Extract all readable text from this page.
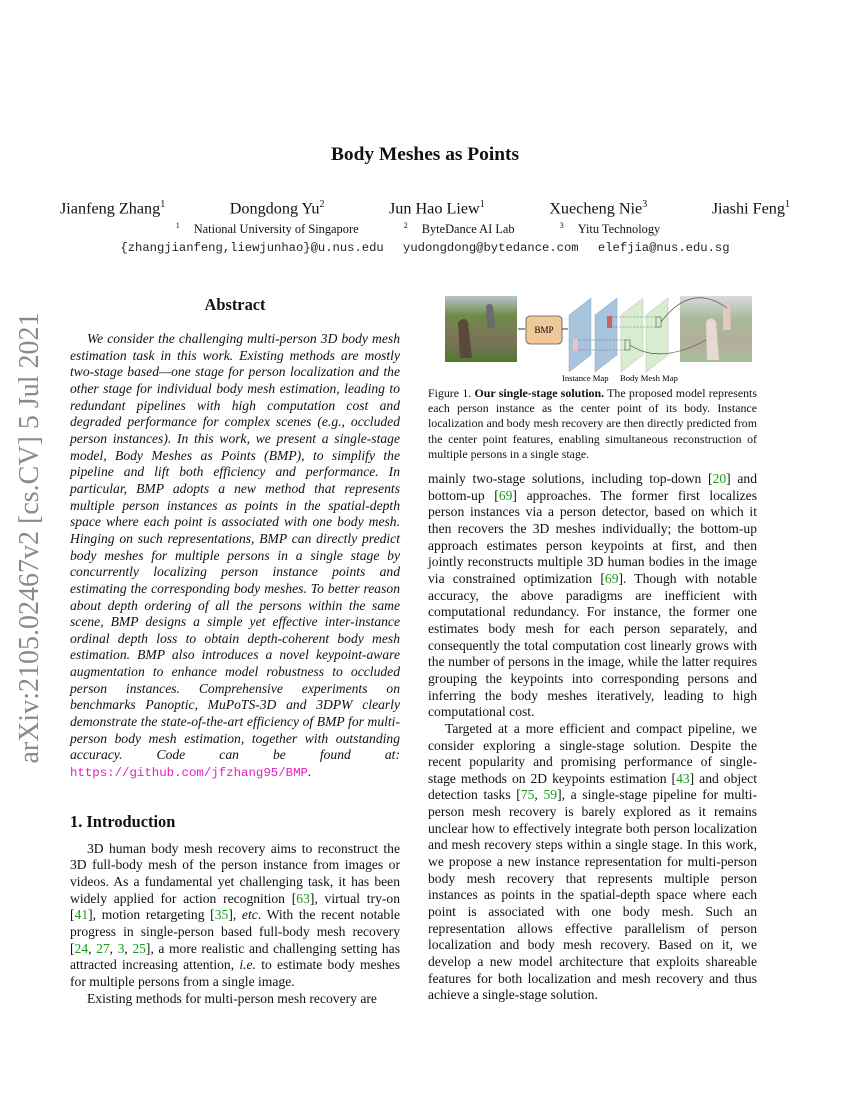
arXiv:2105.02467v2 [cs.CV] 5 Jul 2021
Body Meshes as Points
Jianfeng Zhang$^1$	Dongdong Yu$^2$	Jun Hao Liew$^1$	Xuecheng Nie$^3$	Jiashi Feng$^1$
$^1$ National University of Singapore	$^2$ ByteDance AI Lab	$^3$ Yitu Technology
{zhangjianfeng,liewjunhao}@u.nus.edu yudongdong@bytedance.com elefjia@nus.edu.sg
Abstract

We consider the challenging multi-person 3D body mesh estimation task in this work. Existing methods are mostly two-stage based—one stage for person localization and the other stage for individual body mesh estimation, leading to redundant pipelines with high computation cost and degraded performance for complex scenes (e.g., occluded person instances). In this work, we present a single-stage model, Body Meshes as Points (BMP), to simplify the pipeline and lift both efficiency and performance. In particular, BMP adopts a new method that represents multiple person instances as points in the spatial-depth space where each point is associated with one body mesh. Hinging on such representations, BMP can directly predict body meshes for multiple persons in a single stage by concurrently localizing person instance points and estimating the corresponding body meshes. To better reason about depth ordering of all the persons within the same scene, BMP designs a simple yet effective inter-instance ordinal depth loss to obtain depth-coherent body mesh estimation. BMP also introduces a novel keypoint-aware augmentation to enhance model robustness to occluded person instances. Comprehensive experiments on benchmarks Panoptic, MuPoTS-3D and 3DPW clearly demonstrate the state-of-the-art efficiency of BMP for multi-person body mesh estimation, together with outstanding accuracy. Code can be found at: https://github.com/jfzhang95/BMP.

1. Introduction

3D human body mesh recovery aims to reconstruct the 3D full-body mesh of the person instance from images or videos. As a fundamental yet challenging task, it has been widely applied for action recognition [63], virtual try-on [41], motion retargeting [35], etc. With the recent notable progress in single-person based full-body mesh recovery [24, 27, 3, 25], a more realistic and challenging setting has attracted increasing attention, i.e. to estimate body meshes for multiple persons from a single image.

Existing methods for multi-person mesh recovery are

BMP
Instance Map Body Mesh Map
Figure 1. Our single-stage solution. The proposed model represents each person instance as the center point of its body. Instance localization and body mesh recovery are then directly predicted from the center point features, enabling simultaneous reconstruction of multiple persons in a single stage.

mainly two-stage solutions, including top-down [20] and bottom-up [69] approaches. The former first localizes person instances via a person detector, based on which it then recovers the 3D meshes individually; the bottom-up approach estimates person keypoints at first, and then jointly reconstructs multiple 3D human bodies in the image via constrained optimization [69]. Though with notable accuracy, the above paradigms are inefficient with computational redundancy. For instance, the former one estimates body mesh for each person separately, and consequently the total computation cost linearly grows with the number of persons in the image, while the latter requires grouping the keypoints into corresponding persons and inferring the body meshes iteratively, leading to high computational cost.

Targeted at a more efficient and compact pipeline, we consider exploring a single-stage solution. Despite the recent popularity and promising performance of single-stage methods on 2D keypoints estimation [43] and object detection tasks [75, 59], a single-stage pipeline for multi-person mesh recovery is barely explored as it remains unclear how to effectively integrate both person localization and mesh recovery steps within a single stage. In this work, we propose a new instance representation for multi-person body mesh recovery that represents multiple person instances as points in the spatial-depth space where each point is associated with one body mesh. Such an representation allows effective parallelism of person localization and body mesh recovery. Based on it, we develop a new model architecture that exploits shareable features for both localization and mesh recovery and thus achieve a single-stage solution.
